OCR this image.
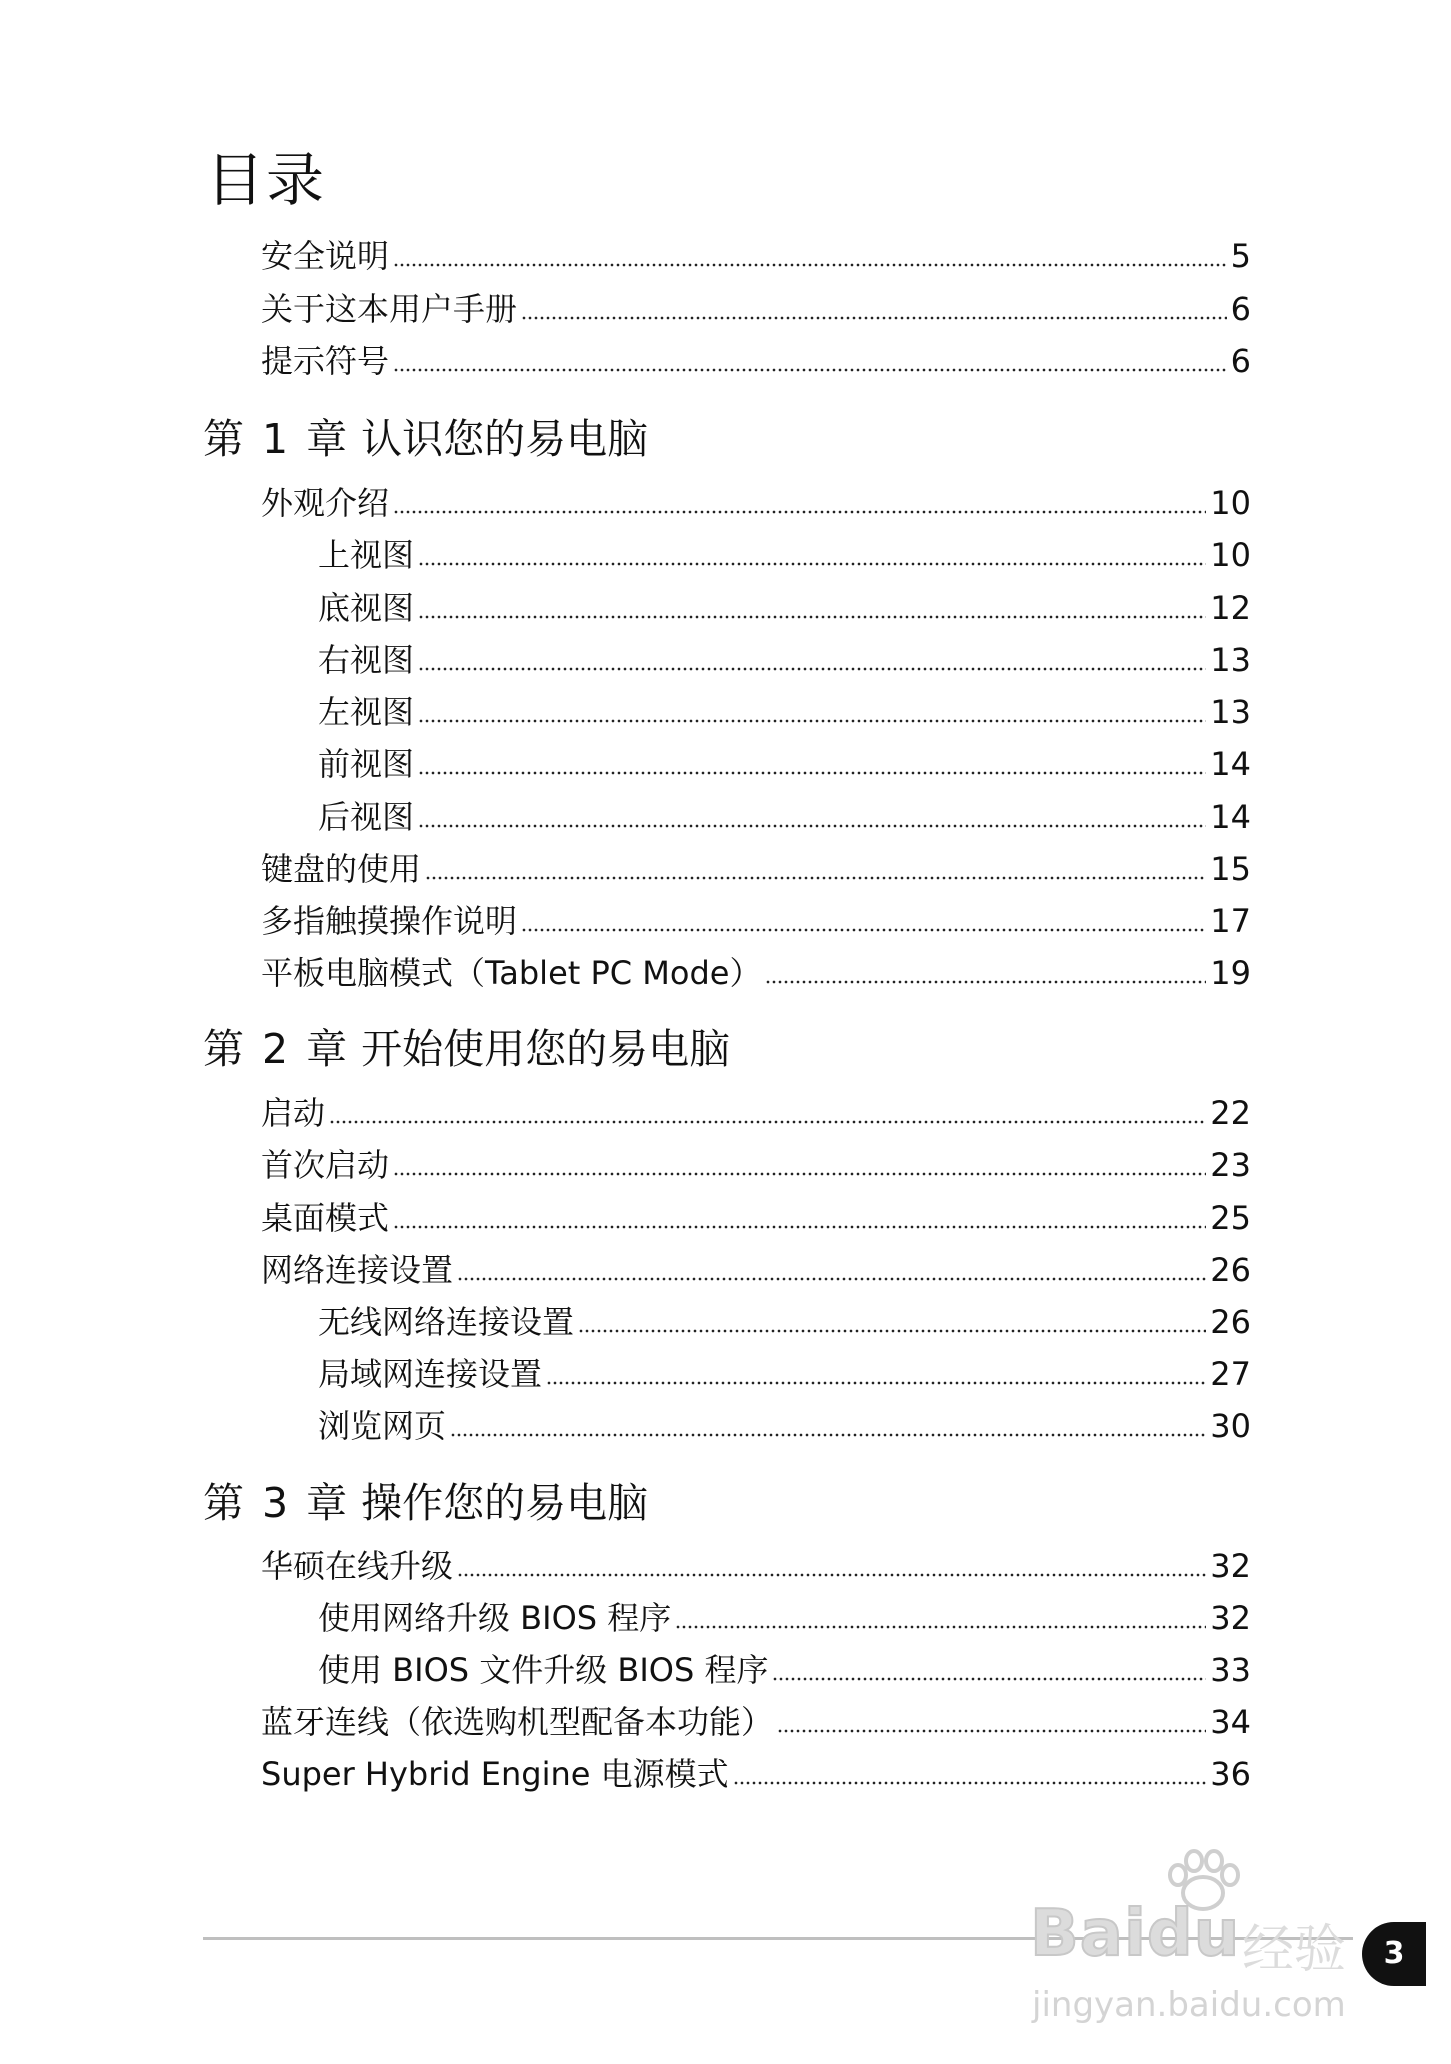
目录
安全说明	5
关于这本用户手册	6
提示符号	6
第 1 章 认识您的易电脑
外观介绍	10
上视图	10
底视图	12
右视图	13
左视图	13
前视图	14
后视图	14
键盘的使用	15
多指触摸操作说明	17
平板电脑模式（Tablet PC Mode）	19
第 2 章 开始使用您的易电脑
启动	22
首次启动	23
桌面模式	25
网络连接设置	26
无线网络连接设置	26
局域网连接设置	27
浏览网页	30
第 3 章 操作您的易电脑
华硕在线升级	32
使用网络升级 BIOS 程序	32
使用 BIOS 文件升级 BIOS 程序	33
蓝牙连线（依选购机型配备本功能）	34
Super Hybrid Engine 电源模式	36
Baidu 经验
jingyan.baidu.com
3
